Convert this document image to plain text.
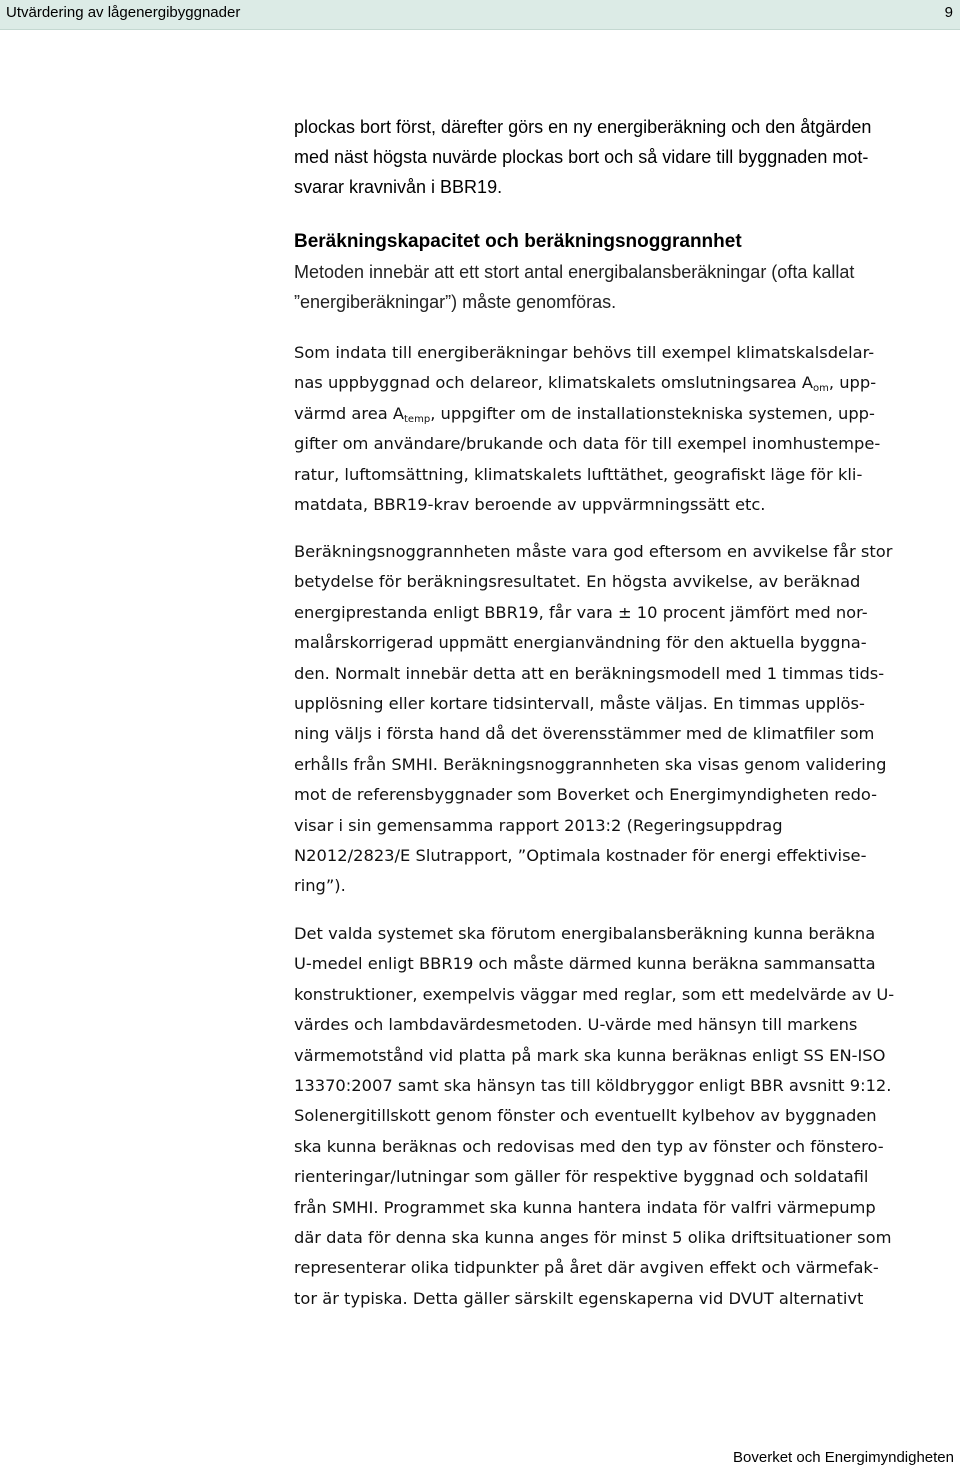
Utvärdering av lågenergibyggnader	9
plockas bort först, därefter görs en ny energiberäkning och den åtgärden
med näst högsta nuvärde plockas bort och så vidare till byggnaden mot-
svarar kravnivån i BBR19.
Beräkningskapacitet och beräkningsnoggrannhet
Metoden innebär att ett stort antal energibalansberäkningar (ofta kallat
”energiberäkningar”) måste genomföras.
Som indata till energiberäkningar behövs till exempel klimatskalsdelar-
nas uppbyggnad och delareor, klimatskalets omslutningsarea $A_{om}$, upp-
värmd area $A_{temp}$, uppgifter om de installationstekniska systemen, upp-
gifter om användare/brukande och data för till exempel inomhustempe-
ratur, luftomsättning, klimatskalets lufttäthet, geografiskt läge för kli-
matdata, BBR19-krav beroende av uppvärmningssätt etc.
Beräkningsnoggrannheten måste vara god eftersom en avvikelse får stor
betydelse för beräkningsresultatet. En högsta avvikelse, av beräknad
energiprestanda enligt BBR19, får vara ± 10 procent jämfört med nor-
malårskorrigerad uppmätt energianvändning för den aktuella byggna-
den. Normalt innebär detta att en beräkningsmodell med 1 timmas tids-
upplösning eller kortare tidsintervall, måste väljas. En timmas upplös-
ning väljs i första hand då det överensstämmer med de klimatfiler som
erhålls från SMHI. Beräkningsnoggrannheten ska visas genom validering
mot de referensbyggnader som Boverket och Energimyndigheten redo-
visar i sin gemensamma rapport 2013:2 (Regeringsuppdrag
N2012/2823/E Slutrapport, ”Optimala kostnader för energi effektivise-
ring”).
Det valda systemet ska förutom energibalansberäkning kunna beräkna
U-medel enligt BBR19 och måste därmed kunna beräkna sammansatta
konstruktioner, exempelvis väggar med reglar, som ett medelvärde av U-
värdes och lambdavärdesmetoden. U-värde med hänsyn till markens
värmemotstånd vid platta på mark ska kunna beräknas enligt SS EN-ISO
13370:2007 samt ska hänsyn tas till köldbryggor enligt BBR avsnitt 9:12.
Solenergitillskott genom fönster och eventuellt kylbehov av byggnaden
ska kunna beräknas och redovisas med den typ av fönster och fönstero-
rienteringar/lutningar som gäller för respektive byggnad och soldatafil
från SMHI. Programmet ska kunna hantera indata för valfri värmepump
där data för denna ska kunna anges för minst 5 olika driftsituationer som
representerar olika tidpunkter på året där avgiven effekt och värmefak-
tor är typiska. Detta gäller särskilt egenskaperna vid DVUT alternativt
Boverket och Energimyndigheten
